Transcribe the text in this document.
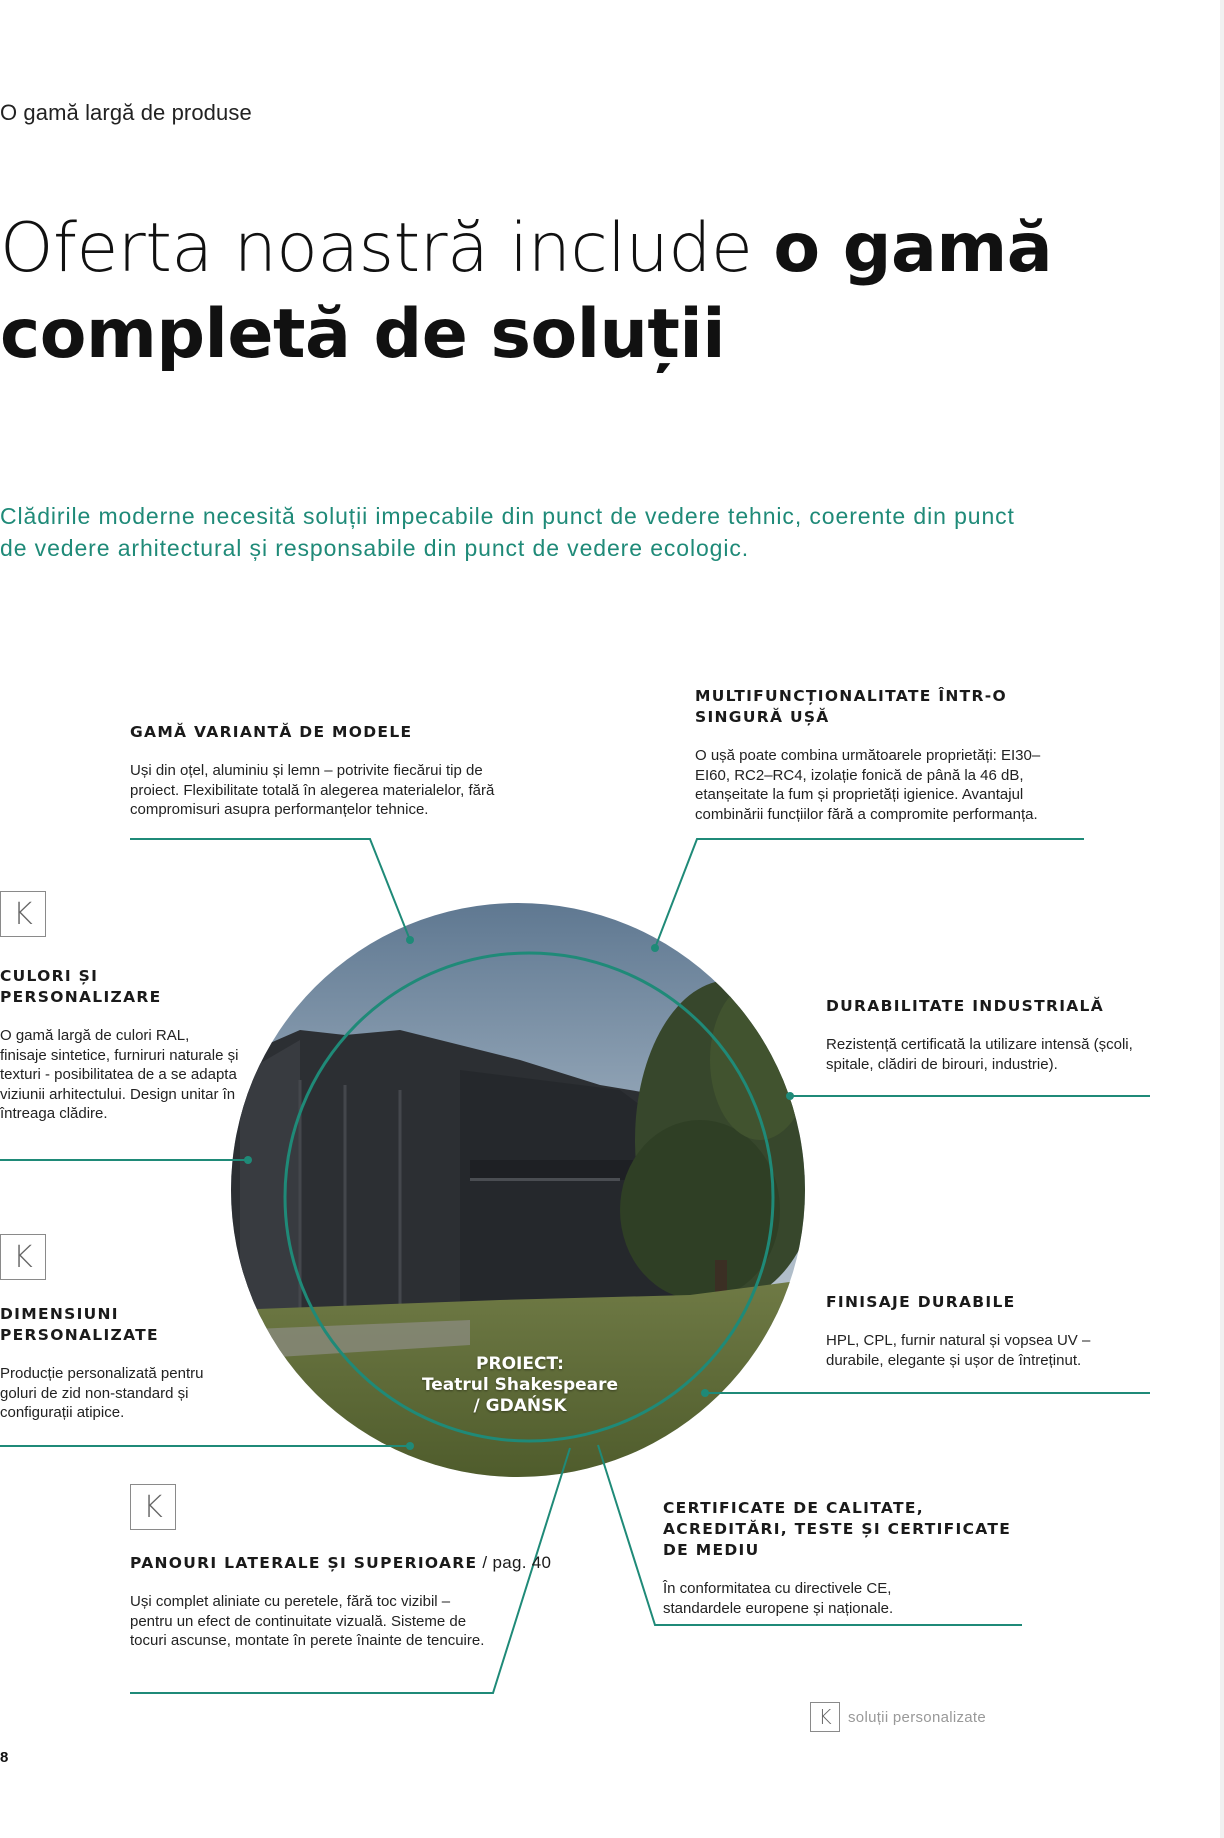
O gamă largă de produse
Oferta noastră include o gamă
completă de soluții
Clădirile moderne necesită soluții impecabile din punct de vedere tehnic, coerente din punct de vedere arhitectural și responsabile din punct de vedere ecologic.
PROIECT:
Teatrul Shakespeare
/ GDAŃSK

GAMĂ VARIANTĂ DE MODELE

Uși din oțel, aluminiu și lemn – potrivite fiecărui tip de proiect. Flexibilitate totală în alegerea materialelor, fără compromisuri asupra performanțelor tehnice.

MULTIFUNCȚIONALITATE ÎNTR-O SINGURĂ UȘĂ

O ușă poate combina următoarele proprietăți: EI30–EI60, RC2–RC4, izolație fonică de până la 46 dB, etanșeitate la fum și proprietăți igienice. Avantajul combinării funcțiilor fără a compromite performanța.

K

CULORI ȘI PERSONALIZARE

O gamă largă de culori RAL, finisaje sintetice, furniruri naturale și texturi - posibilitatea de a se adapta viziunii arhitectului. Design unitar în întreaga clădire.

DURABILITATE INDUSTRIALĂ

Rezistență certificată la utilizare intensă (școli, spitale, clădiri de birouri, industrie).

K

DIMENSIUNI PERSONALIZATE

Producție personalizată pentru goluri de zid non-standard și configurații atipice.

FINISAJE DURABILE

HPL, CPL, furnir natural și vopsea UV – durabile, elegante și ușor de întreținut.

K

PANOURI LATERALE ȘI SUPERIOARE / pag. 40

Uși complet aliniate cu peretele, fără toc vizibil – pentru un efect de continuitate vizuală. Sisteme de tocuri ascunse, montate în perete înainte de tencuire.

CERTIFICATE DE CALITATE, ACREDITĂRI, TESTE ȘI CERTIFICATE DE MEDIU

În conformitatea cu directivele CE, standardele europene și naționale.

K	soluții personalizate
8
